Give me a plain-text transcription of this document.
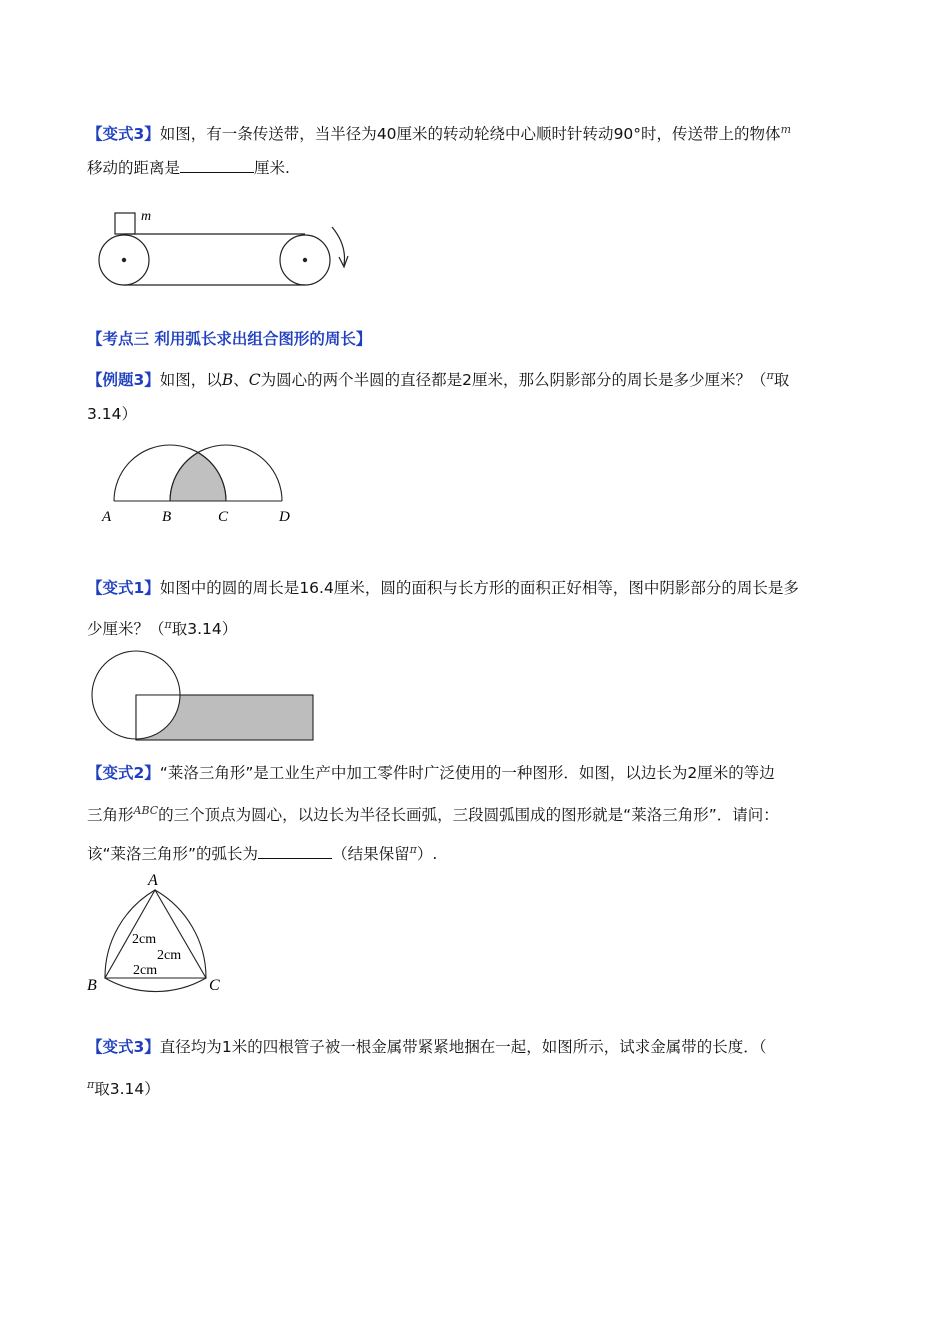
【变式3】如图，有一条传送带，当半径为40厘米的转动轮绕中心顺时针转动90°时，传送带上的物体$^m$
移动的距离是	厘米.
m
【考点三 利用弧长求出组合图形的周长】
【例题3】如图，以B、C为圆心的两个半圆的直径都是2厘米，那么阴影部分的周长是多少厘米？（$^\pi$取
3.14）
A	B	C	D
【变式1】如图中的圆的周长是16.4厘米，圆的面积与长方形的面积正好相等，图中阴影部分的周长是多
少厘米？（$^\pi$取3.14）
【变式2】“莱洛三角形”是工业生产中加工零件时广泛使用的一种图形．如图，以边长为2厘米的等边
三角形$^{ABC}$的三个顶点为圆心，以边长为半径长画弧，三段圆弧围成的图形就是“莱洛三角形”．请问：
该“莱洛三角形”的弧长为	（结果保留$^\pi$）.
A
B	C
2cm
2cm
2cm
【变式3】直径均为1米的四根管子被一根金属带紧紧地捆在一起，如图所示，试求金属带的长度．（
$^\pi$取3.14）
